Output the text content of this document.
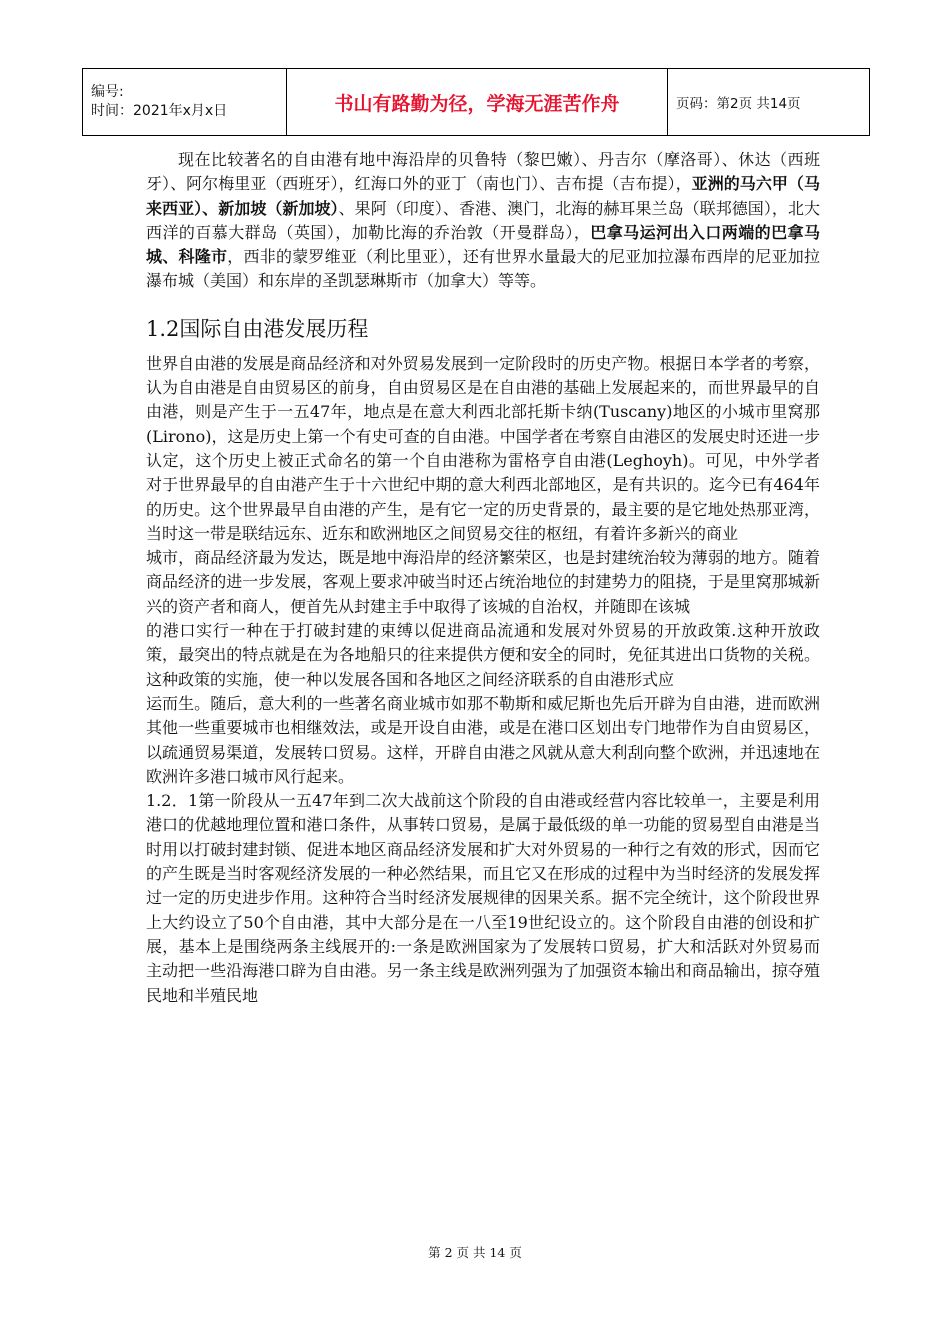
编号:
时间：2021年x月x日	书山有路勤为径，学海无涯苦作舟	页码：第2页 共14页

现在比较著名的自由港有地中海沿岸的贝鲁特（黎巴嫩）、丹吉尔（摩洛哥）、休达（西班牙）、阿尔梅里亚（西班牙），红海口外的亚丁（南也门）、吉布提（吉布提），亚洲的马六甲（马来西亚）、新加坡（新加坡）、果阿（印度）、香港、澳门，北海的赫耳果兰岛（联邦德国），北大西洋的百慕大群岛（英国），加勒比海的乔治敦（开曼群岛），巴拿马运河出入口两端的巴拿马城、科隆市，西非的蒙罗维亚（利比里亚），还有世界水量最大的尼亚加拉瀑布西岸的尼亚加拉瀑布城（美国）和东岸的圣凯瑟琳斯市（加拿大）等等。

1.2国际自由港发展历程

世界自由港的发展是商品经济和对外贸易发展到一定阶段时的历史产物。根据日本学者的考察，认为自由港是自由贸易区的前身，自由贸易区是在自由港的基础上发展起来的，而世界最早的自由港，则是产生于一五47年，地点是在意大利西北部托斯卡纳(Tuscany)地区的小城市里窝那(Lirono)，这是历史上第一个有史可查的自由港。中国学者在考察自由港区的发展史时还进一步认定，这个历史上被正式命名的第一个自由港称为雷格亨自由港(Leghoyh)。可见，中外学者对于世界最早的自由港产生于十六世纪中期的意大利西北部地区，是有共识的。迄今已有464年的历史。这个世界最早自由港的产生，是有它一定的历史背景的，最主要的是它地处热那亚湾，当时这一带是联结远东、近东和欧洲地区之间贸易交往的枢纽，有着许多新兴的商业

城市，商品经济最为发达，既是地中海沿岸的经济繁荣区，也是封建统治较为薄弱的地方。随着商品经济的进一步发展，客观上要求冲破当时还占统治地位的封建势力的阻挠，于是里窝那城新兴的资产者和商人，便首先从封建主手中取得了该城的自治权，并随即在该城

的港口实行一种在于打破封建的束缚以促进商品流通和发展对外贸易的开放政策.这种开放政策，最突出的特点就是在为各地船只的往来提供方便和安全的同时，免征其进出口货物的关税。这种政策的实施，使一种以发展各国和各地区之间经济联系的自由港形式应

运而生。随后，意大利的一些著名商业城市如那不勒斯和威尼斯也先后开辟为自由港，进而欧洲其他一些重要城市也相继效法，或是开设自由港，或是在港口区划出专门地带作为自由贸易区，以疏通贸易渠道，发展转口贸易。这样，开辟自由港之风就从意大利刮向整个欧洲，并迅速地在欧洲许多港口城市风行起来。

1.2．1第一阶段从一五47年到二次大战前这个阶段的自由港或经营内容比较单一，主要是利用港口的优越地理位置和港口条件，从事转口贸易，是属于最低级的单一功能的贸易型自由港是当时用以打破封建封锁、促进本地区商品经济发展和扩大对外贸易的一种行之有效的形式，因而它的产生既是当时客观经济发展的一种必然结果，而且它又在形成的过程中为当时经济的发展发挥过一定的历史进步作用。这种符合当时经济发展规律的因果关系。据不完全统计，这个阶段世界上大约设立了50个自由港，其中大部分是在一八至19世纪设立的。这个阶段自由港的创设和扩展，基本上是围绕两条主线展开的:一条是欧洲国家为了发展转口贸易，扩大和活跃对外贸易而主动把一些沿海港口辟为自由港。另一条主线是欧洲列强为了加强资本输出和商品输出，掠夺殖民地和半殖民地

第 2 页 共 14 页
